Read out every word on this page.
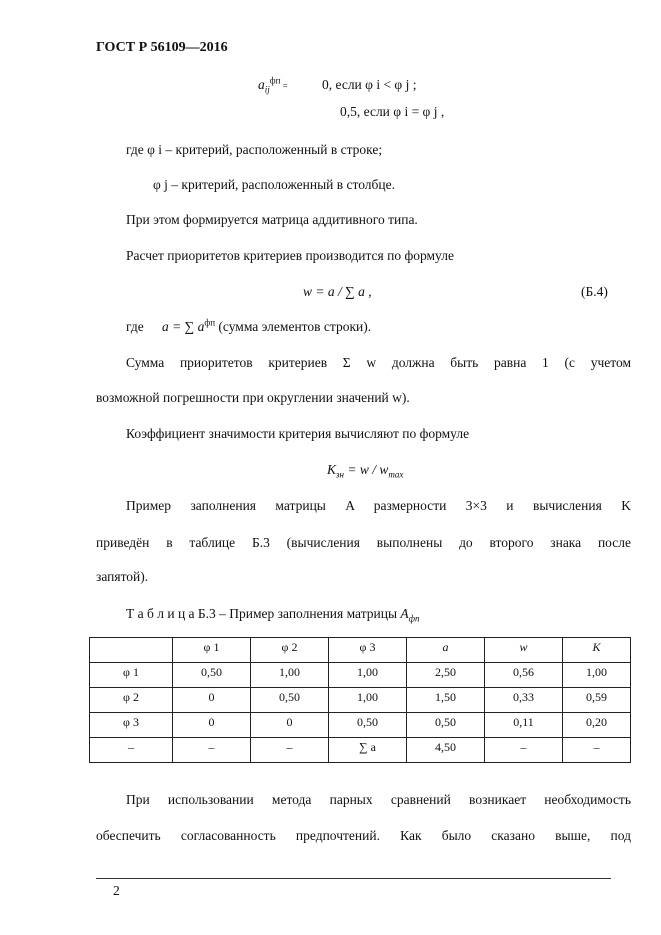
ГОСТ Р 56109—2016
$a_{ij}^{фп}$ =	0, если φ i < φ j ;
0,5, если φ i = φ j ,
где φ i – критерий, расположенный в строке;
φ j – критерий, расположенный в столбце.
При этом формируется матрица аддитивного типа.
Расчет приоритетов критериев производится по формуле
w = a / ∑ a ,	(Б.4)
где a = ∑ $a^{фп}$ (сумма элементов строки).
Сумма приоритетов критериев Σ w должна быть равна 1 (с учетом
возможной погрешности при округлении значений w).
Коэффициент значимости критерия вычисляют по формуле
$K_{зн} = w / w_{max}$
Пример заполнения матрицы A размерности 3×3 и вычисления K
приведён в таблице Б.3 (вычисления выполнены до второго знака после
запятой).
Т а б л и ц а Б.3 – Пример заполнения матрицы $A_{фп}$
	φ 1	φ 2	φ 3	a	w	K
φ 1	0,50	1,00	1,00	2,50	0,56	1,00
φ 2	0	0,50	1,00	1,50	0,33	0,59
φ 3	0	0	0,50	0,50	0,11	0,20
–	–	–	∑ a	4,50	–	–
При использовании метода парных сравнений возникает необходимость
обеспечить согласованность предпочтений. Как было сказано выше, под
2
